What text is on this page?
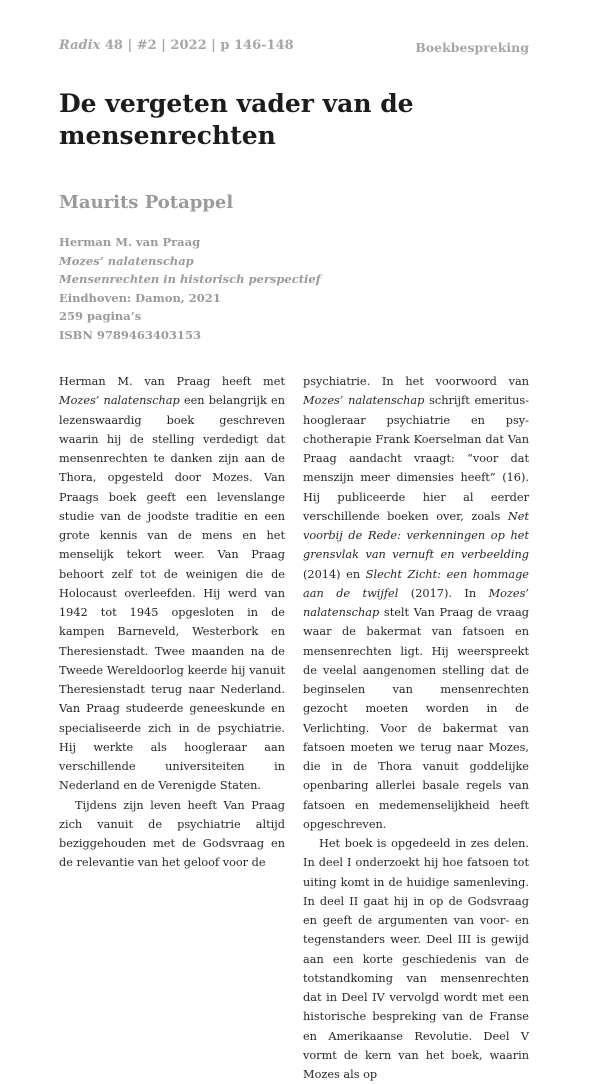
Radix 48 | #2 | 2022 | p 146-148	Boekbespreking
De vergeten vader van de mensenrechten
Maurits Potappel
Herman M. van Praag
Mozes’ nalatenschap
Mensenrechten in historisch perspectief
Eindhoven: Damon, 2021
259 pagina’s
ISBN 9789463403153

Herman M. van Praag heeft met Mozes’ nalatenschap een belangrijk en lezenswaardig boek geschreven waarin hij de stelling verdedigt dat mensenrechten te danken zijn aan de Thora, opgesteld door Mozes. Van Praags boek geeft een levenslange studie van de joodste traditie en een grote kennis van de mens en het menselijk tekort weer. Van Praag behoort zelf tot de weinigen die de Holocaust overleefden. Hij werd van 1942 tot 1945 opgesloten in de kampen Barneveld, Westerbork en Theresienstadt. Twee maanden na de Tweede Wereldoorlog keerde hij vanuit Theresienstadt terug naar Nederland. Van Praag studeerde geneeskunde en specialiseerde zich in de psychiatrie. Hij werkte als hoogleraar aan verschillende universiteiten in Nederland en de Verenigde Staten.

Tijdens zijn leven heeft Van Praag zich vanuit de psychiatrie altijd beziggehouden met de Godsvraag en de relevantie van het geloof voor de

psychiatrie. In het voorwoord van Mozes’ nalatenschap schrijft emeritus-hoogleraar psychiatrie en psychotherapie Frank Koerselman dat Van Praag aandacht vraagt: “voor dat menszijn meer dimensies heeft” (16). Hij publiceerde hier al eerder verschillende boeken over, zoals Net voorbij de Rede: verkenningen op het grensvlak van vernuft en verbeelding (2014) en Slecht Zicht: een hommage aan de twijfel (2017). In Mozes’ nalatenschap stelt Van Praag de vraag waar de bakermat van fatsoen en mensenrechten ligt. Hij weerspreekt de veelal aangenomen stelling dat de beginselen van mensenrechten gezocht moeten worden in de Verlichting. Voor de bakermat van fatsoen moeten we terug naar Mozes, die in de Thora vanuit goddelijke openbaring allerlei basale regels van fatsoen en medemenselijkheid heeft opgeschreven.

Het boek is opgedeeld in zes delen. In deel I onderzoekt hij hoe fatsoen tot uiting komt in de huidige samenleving. In deel II gaat hij in op de Godsvraag en geeft de argumenten van voor- en tegenstanders weer. Deel III is gewijd aan een korte geschiedenis van de totstandkoming van mensenrechten dat in Deel IV vervolgd wordt met een historische bespreking van de Franse en Amerikaanse Revolutie. Deel V vormt de kern van het boek, waarin Mozes als op
